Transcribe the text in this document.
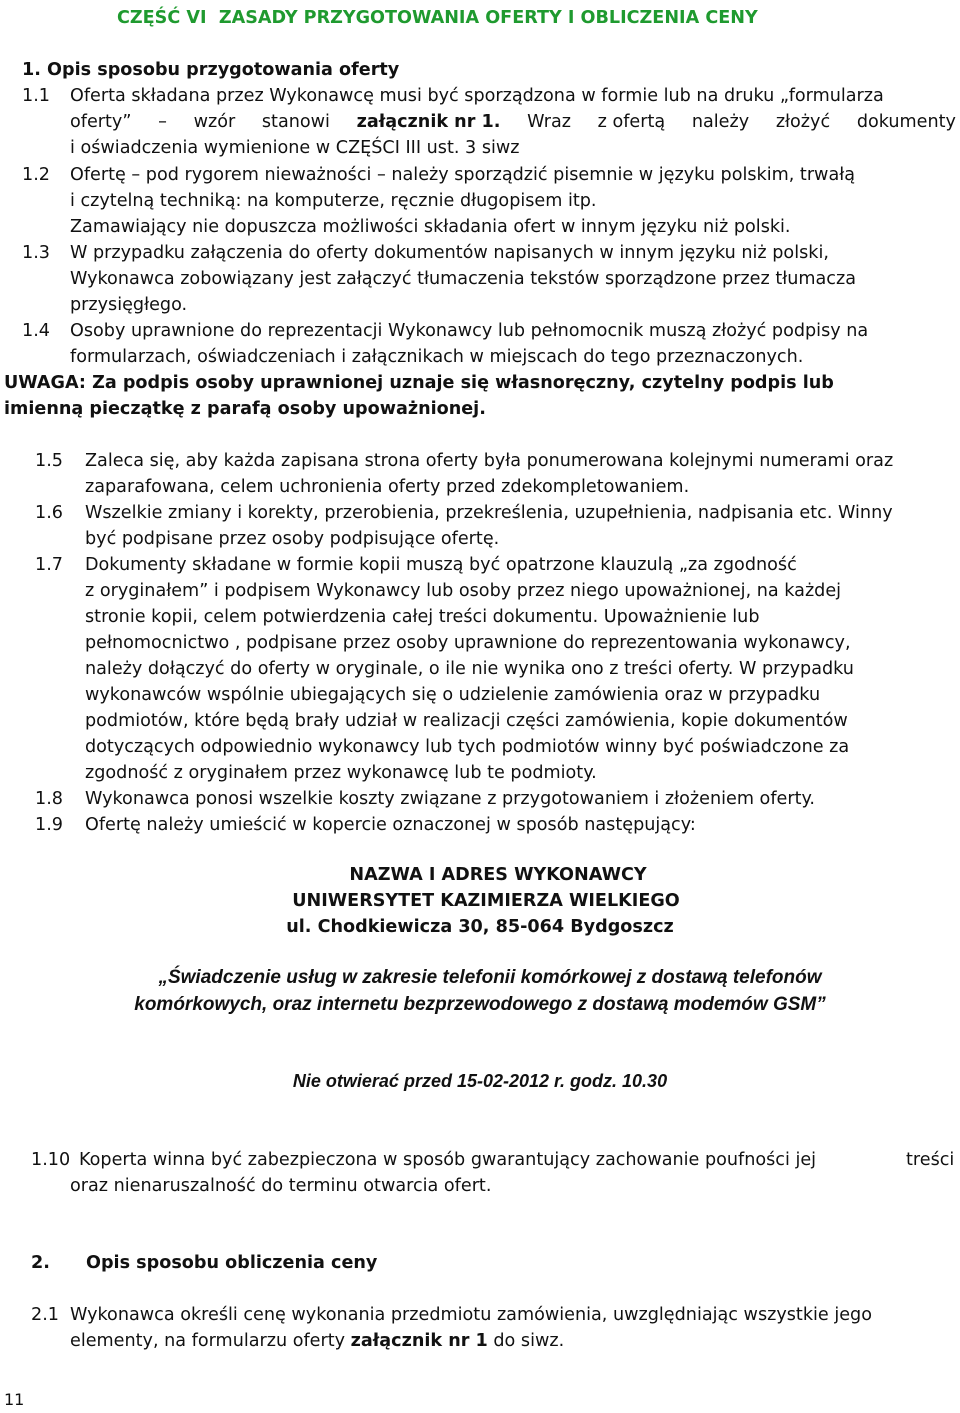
CZĘŚĆ VI ZASADY PRZYGOTOWANIA OFERTY I OBLICZENIA CENY
1. Opis sposobu przygotowania oferty
1.1 Oferta składana przez Wykonawcę musi być sporządzona w formie lub na druku „formularza
oferty” – wzór stanowi załącznik nr 1. Wraz z ofertą należy złożyć dokumenty
i oświadczenia wymienione w CZĘŚCI III ust. 3 siwz
1.2 Ofertę – pod rygorem nieważności – należy sporządzić pisemnie w języku polskim, trwałą
i czytelną techniką: na komputerze, ręcznie długopisem itp.
Zamawiający nie dopuszcza możliwości składania ofert w innym języku niż polski.
1.3 W przypadku załączenia do oferty dokumentów napisanych w innym języku niż polski,
Wykonawca zobowiązany jest załączyć tłumaczenia tekstów sporządzone przez tłumacza
przysięgłego.
1.4 Osoby uprawnione do reprezentacji Wykonawcy lub pełnomocnik muszą złożyć podpisy na
formularzach, oświadczeniach i załącznikach w miejscach do tego przeznaczonych.
UWAGA: Za podpis osoby uprawnionej uznaje się własnoręczny, czytelny podpis lub
imienną pieczątkę z parafą osoby upoważnionej.
1.5 Zaleca się, aby każda zapisana strona oferty była ponumerowana kolejnymi numerami oraz
zaparafowana, celem uchronienia oferty przed zdekompletowaniem.
1.6 Wszelkie zmiany i korekty, przerobienia, przekreślenia, uzupełnienia, nadpisania etc. Winny
być podpisane przez osoby podpisujące ofertę.
1.7 Dokumenty składane w formie kopii muszą być opatrzone klauzulą „za zgodność
z oryginałem” i podpisem Wykonawcy lub osoby przez niego upoważnionej, na każdej
stronie kopii, celem potwierdzenia całej treści dokumentu. Upoważnienie lub
pełnomocnictwo , podpisane przez osoby uprawnione do reprezentowania wykonawcy,
należy dołączyć do oferty w oryginale, o ile nie wynika ono z treści oferty. W przypadku
wykonawców wspólnie ubiegających się o udzielenie zamówienia oraz w przypadku
podmiotów, które będą brały udział w realizacji części zamówienia, kopie dokumentów
dotyczących odpowiednio wykonawcy lub tych podmiotów winny być poświadczone za
zgodność z oryginałem przez wykonawcę lub te podmioty.
1.8 Wykonawca ponosi wszelkie koszty związane z przygotowaniem i złożeniem oferty.
1.9 Ofertę należy umieścić w kopercie oznaczonej w sposób następujący:
NAZWA I ADRES WYKONAWCY
UNIWERSYTET KAZIMIERZA WIELKIEGO
ul. Chodkiewicza 30, 85-064 Bydgoszcz
„Świadczenie usług w zakresie telefonii komórkowej z dostawą telefonów
komórkowych, oraz internetu bezprzewodowego z dostawą modemów GSM”
Nie otwierać przed 15-02-2012 r. godz. 10.30
1.10 Koperta winna być zabezpieczona w sposób gwarantujący zachowanie poufności jej	treści
oraz nienaruszalność do terminu otwarcia ofert.
2. Opis sposobu obliczenia ceny
2.1 Wykonawca określi cenę wykonania przedmiotu zamówienia, uwzględniając wszystkie jego
elementy, na formularzu oferty załącznik nr 1 do siwz.
11
